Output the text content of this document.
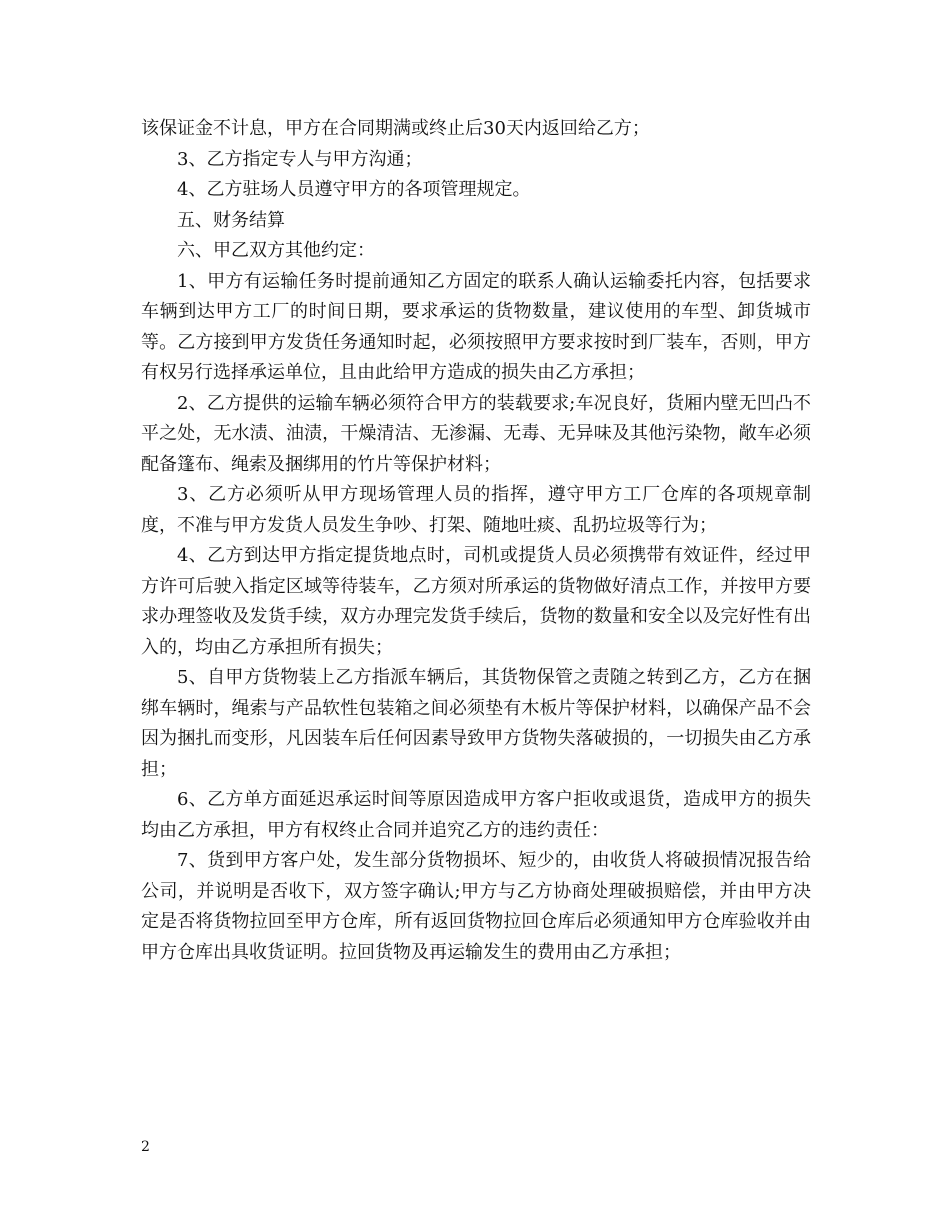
该保证金不计息，甲方在合同期满或终止后30天内返回给乙方；

3、乙方指定专人与甲方沟通；

4、乙方驻场人员遵守甲方的各项管理规定。

五、财务结算

六、甲乙双方其他约定：

1、甲方有运输任务时提前通知乙方固定的联系人确认运输委托内容，包括要求车辆到达甲方工厂的时间日期，要求承运的货物数量，建议使用的车型、卸货城市等。乙方接到甲方发货任务通知时起，必须按照甲方要求按时到厂装车，否则，甲方有权另行选择承运单位，且由此给甲方造成的损失由乙方承担；

2、乙方提供的运输车辆必须符合甲方的装载要求;车况良好，货厢内壁无凹凸不平之处，无水渍、油渍，干燥清洁、无渗漏、无毒、无异味及其他污染物，敞车必须配备篷布、绳索及捆绑用的竹片等保护材料；

3、乙方必须听从甲方现场管理人员的指挥，遵守甲方工厂仓库的各项规章制度，不准与甲方发货人员发生争吵、打架、随地吐痰、乱扔垃圾等行为；

4、乙方到达甲方指定提货地点时，司机或提货人员必须携带有效证件，经过甲方许可后驶入指定区域等待装车，乙方须对所承运的货物做好清点工作，并按甲方要求办理签收及发货手续，双方办理完发货手续后，货物的数量和安全以及完好性有出入的，均由乙方承担所有损失；

5、自甲方货物装上乙方指派车辆后，其货物保管之责随之转到乙方，乙方在捆绑车辆时，绳索与产品软性包装箱之间必须垫有木板片等保护材料，以确保产品不会因为捆扎而变形，凡因装车后任何因素导致甲方货物失落破损的，一切损失由乙方承担；

6、乙方单方面延迟承运时间等原因造成甲方客户拒收或退货，造成甲方的损失均由乙方承担，甲方有权终止合同并追究乙方的违约责任：

7、货到甲方客户处，发生部分货物损坏、短少的，由收货人将破损情况报告给公司，并说明是否收下，双方签字确认;甲方与乙方协商处理破损赔偿，并由甲方决定是否将货物拉回至甲方仓库，所有返回货物拉回仓库后必须通知甲方仓库验收并由甲方仓库出具收货证明。拉回货物及再运输发生的费用由乙方承担；

2
